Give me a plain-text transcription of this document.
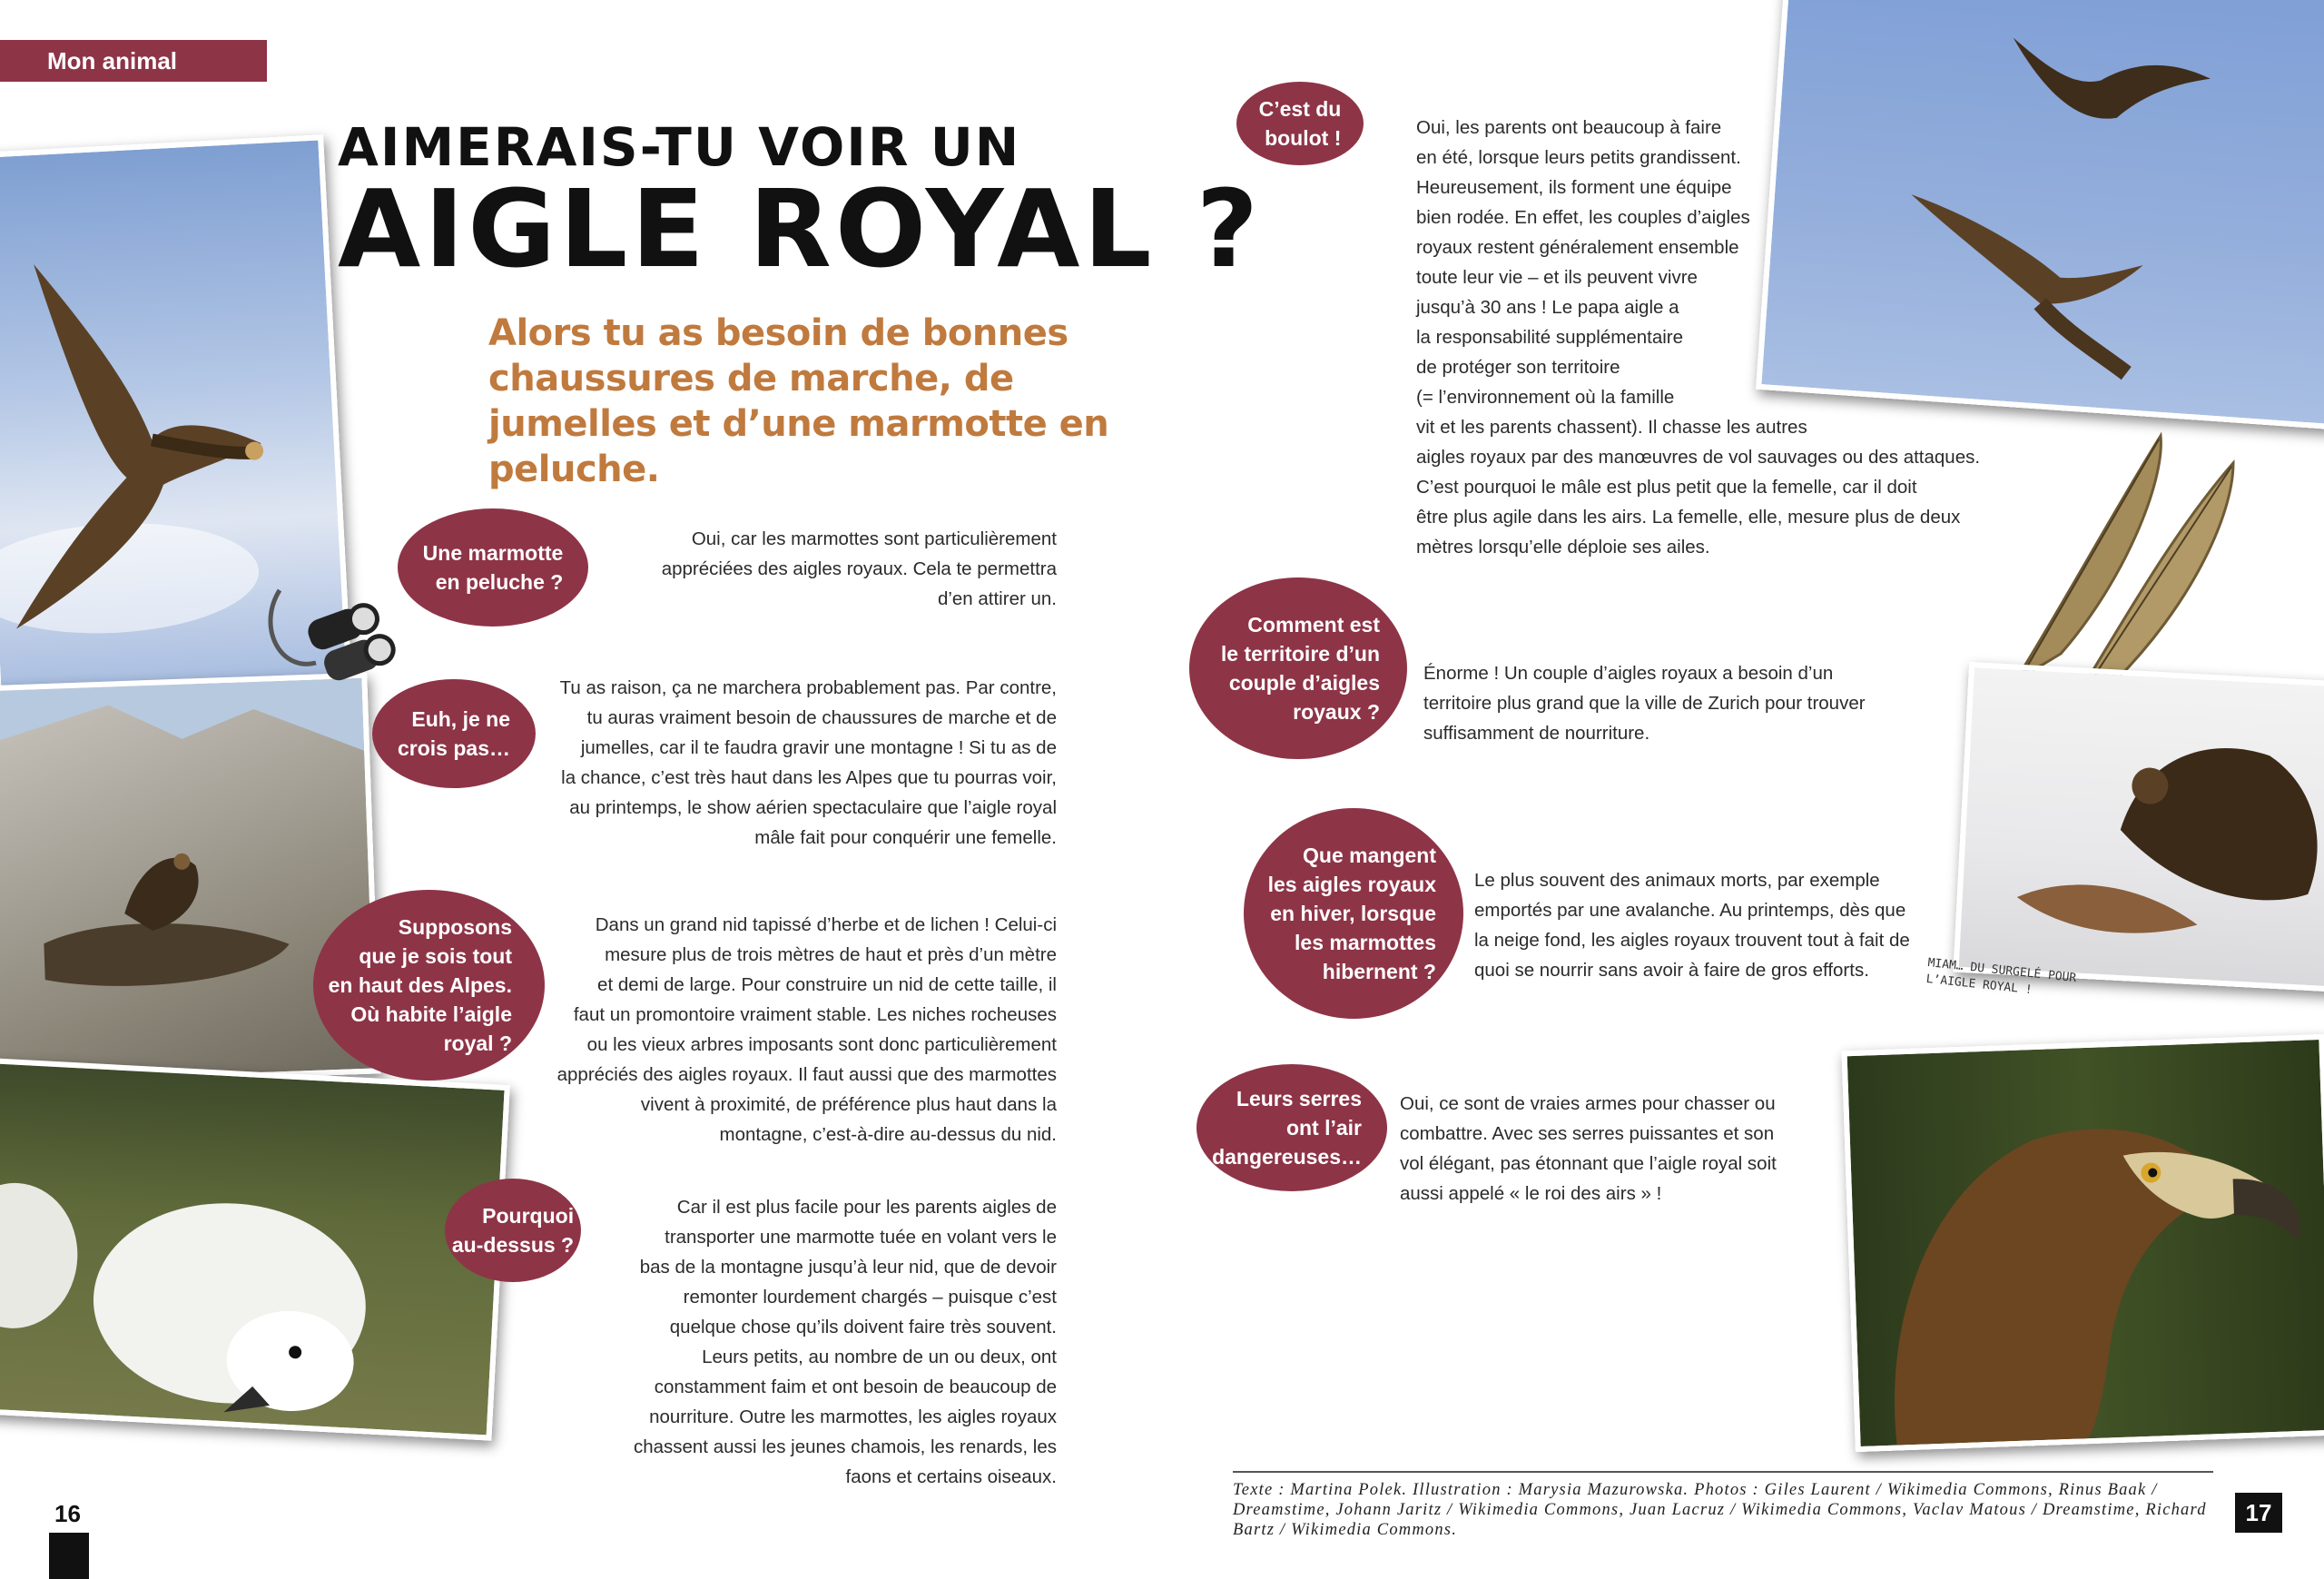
Mon animal sauvage
AIMERAIS-TU VOIR UN
AIGLE ROYAL ?
Alors tu as besoin de bonnes chaussures de marche, de jumelles et d’une marmotte en peluche.
Une marmotte
en peluche ?
Oui, car les marmottes sont particulièrement
appréciées des aigles royaux. Cela te permettra
d’en attirer un.
Euh, je ne
crois pas…
Tu as raison, ça ne marchera probablement pas. Par contre,
tu auras vraiment besoin de chaussures de marche et de
jumelles, car il te faudra gravir une montagne ! Si tu as de
la chance, c’est très haut dans les Alpes que tu pourras voir,
au printemps, le show aérien spectaculaire que l’aigle royal
mâle fait pour conquérir une femelle.
Supposons
que je sois tout
en haut des Alpes.
Où habite l’aigle
royal ?
Dans un grand nid tapissé d’herbe et de lichen ! Celui-ci
mesure plus de trois mètres de haut et près d’un mètre
et demi de large. Pour construire un nid de cette taille, il
faut un promontoire vraiment stable. Les niches rocheuses
ou les vieux arbres imposants sont donc particulièrement
appréciés des aigles royaux. Il faut aussi que des marmottes
vivent à proximité, de préférence plus haut dans la
montagne, c’est-à-dire au-dessus du nid.
Pourquoi
au-dessus ?
Car il est plus facile pour les parents aigles de
transporter une marmotte tuée en volant vers le
bas de la montagne jusqu’à leur nid, que de devoir
remonter lourdement chargés – puisque c’est
quelque chose qu’ils doivent faire très souvent.
Leurs petits, au nombre de un ou deux, ont
constamment faim et ont besoin de beaucoup de
nourriture. Outre les marmottes, les aigles royaux
chassent aussi les jeunes chamois, les renards, les
faons et certains oiseaux.
16
MIAM… DU SURGELÉ POUR
L’AIGLE ROYAL !
C’est du
boulot !	Oui, les parents ont beaucoup à faire
en été, lorsque leurs petits grandissent.
Heureusement, ils forment une équipe
bien rodée. En effet, les couples d’aigles
royaux restent généralement ensemble
toute leur vie – et ils peuvent vivre
jusqu’à 30 ans ! Le papa aigle a
la responsabilité supplémentaire
de protéger son territoire
(= l’environnement où la famille
vit et les parents chassent). Il chasse les autres
aigles royaux par des manœuvres de vol sauvages ou des attaques.
C’est pourquoi le mâle est plus petit que la femelle, car il doit
être plus agile dans les airs. La femelle, elle, mesure plus de deux
mètres lorsqu’elle déploie ses ailes.
Comment est
le territoire d’un
couple d’aigles
royaux ?
Énorme ! Un couple d’aigles royaux a besoin d’un
territoire plus grand que la ville de Zurich pour trouver
suffisamment de nourriture.
Que mangent
les aigles royaux
en hiver, lorsque
les marmottes
hibernent ?
Le plus souvent des animaux morts, par exemple
emportés par une avalanche. Au printemps, dès que
la neige fond, les aigles royaux trouvent tout à fait de
quoi se nourrir sans avoir à faire de gros efforts.
Leurs serres
ont l’air
dangereuses…
Oui, ce sont de vraies armes pour chasser ou
combattre. Avec ses serres puissantes et son
vol élégant, pas étonnant que l’aigle royal soit
aussi appelé « le roi des airs » !
Texte : Martina Polek. Illustration : Marysia Mazurowska. Photos : Giles Laurent / Wikimedia Commons, Rinus Baak / Dreamstime, Johann Jaritz / Wikimedia Commons, Juan Lacruz / Wikimedia Commons, Vaclav Matous / Dreamstime, Richard Bartz / Wikimedia Commons.
17
